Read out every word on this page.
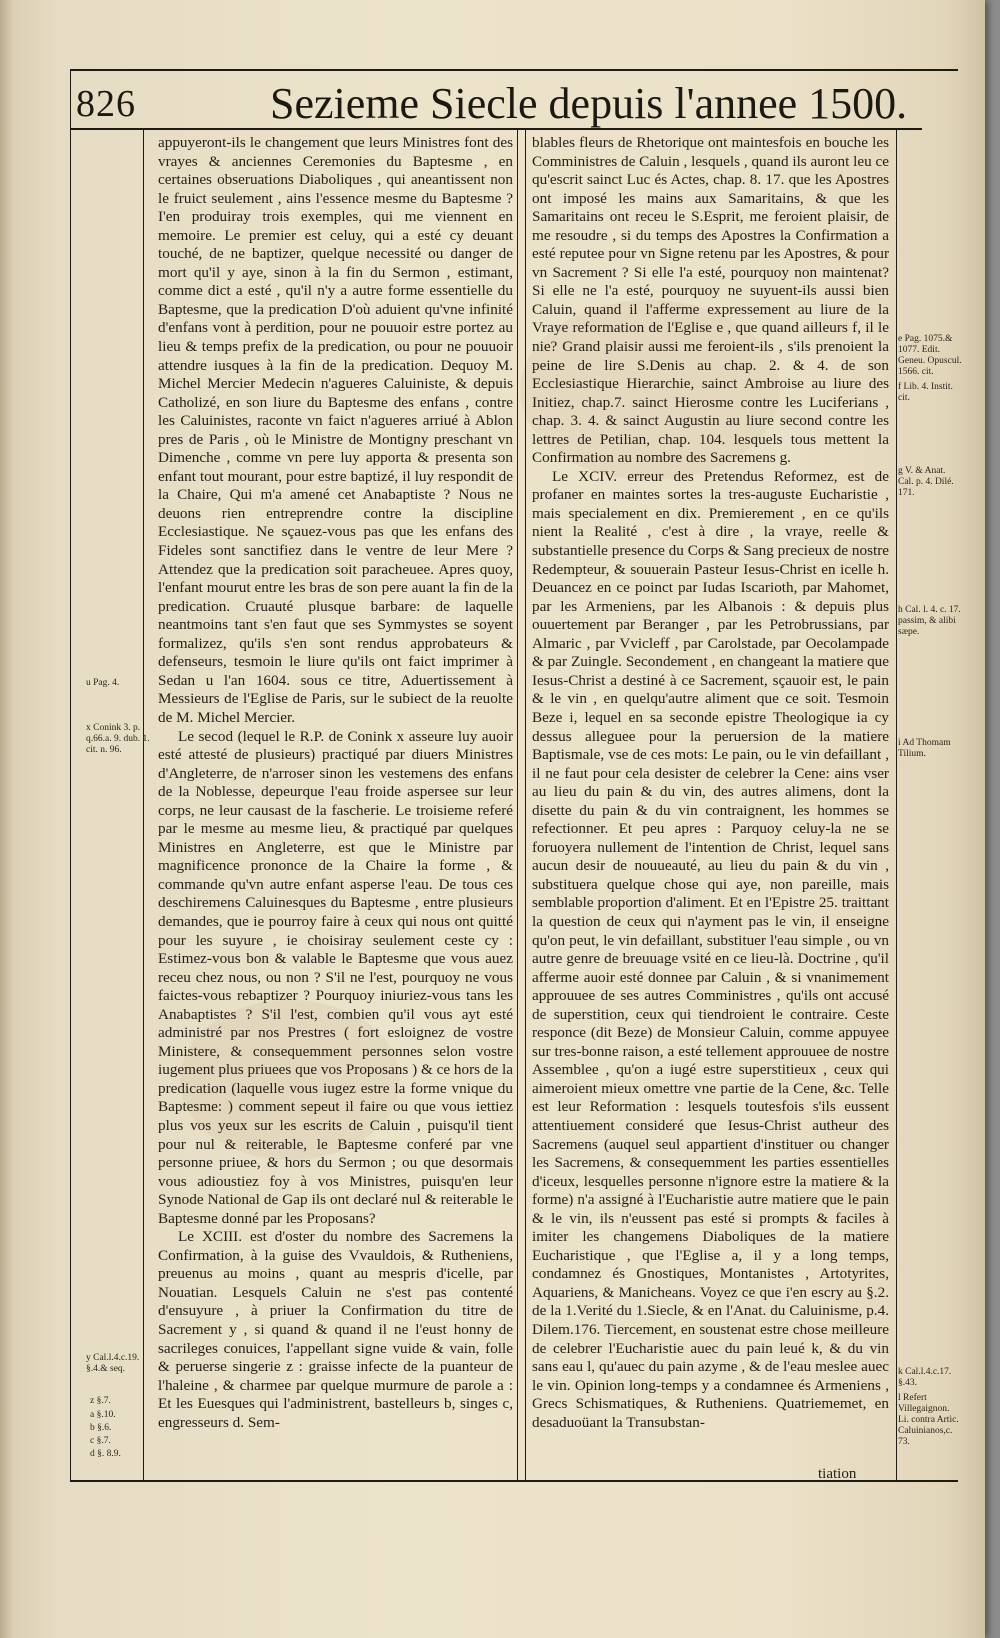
826	Sezieme Siecle depuis l'annee 1500.

appuyeront-ils le changement que leurs Ministres font des vrayes & anciennes Ceremonies du Baptesme , en certaines obseruations Diaboliques , qui aneantissent non le fruict seulement , ains l'essence mesme du Baptesme ? I'en produiray trois exemples, qui me viennent en memoire. Le premier est celuy, qui a esté cy deuant touché, de ne baptizer, quelque necessité ou danger de mort qu'il y aye, sinon à la fin du Sermon , estimant, comme dict a esté , qu'il n'y a autre forme essentielle du Baptesme, que la predication D'où aduient qu'vne infinité d'enfans vont à perdition, pour ne pouuoir estre portez au lieu & temps prefix de la predication, ou pour ne pouuoir attendre iusques à la fin de la predication. Dequoy M. Michel Mercier Medecin n'agueres Caluiniste, & depuis Catholizé, en son liure du Baptesme des enfans , contre les Caluinistes, raconte vn faict n'agueres arriué à Ablon pres de Paris , où le Ministre de Montigny preschant vn Dimenche , comme vn pere luy apporta & presenta son enfant tout mourant, pour estre baptizé, il luy respondit de la Chaire, Qui m'a amené cet Anabaptiste ? Nous ne deuons rien entreprendre contre la discipline Ecclesiastique. Ne sçauez-vous pas que les enfans des Fideles sont sanctifiez dans le ventre de leur Mere ? Attendez que la predication soit paracheuee. Apres quoy, l'enfant mourut entre les bras de son pere auant la fin de la predication. Cruauté plusque barbare: de laquelle neantmoins tant s'en faut que ses Symmystes se soyent formalizez, qu'ils s'en sont rendus approbateurs & defenseurs, tesmoin le liure qu'ils ont faict imprimer à Sedan u l'an 1604. sous ce titre, Aduertissement à Messieurs de l'Eglise de Paris, sur le subiect de la reuolte de M. Michel Mercier.

Le secod (lequel le R.P. de Conink x asseure luy auoir esté attesté de plusieurs) practiqué par diuers Ministres d'Angleterre, de n'arroser sinon les vestemens des enfans de la Noblesse, depeurque l'eau froide aspersee sur leur corps, ne leur causast de la fascherie. Le troisieme referé par le mesme au mesme lieu, & practiqué par quelques Ministres en Angleterre, est que le Ministre par magnificence prononce de la Chaire la forme , & commande qu'vn autre enfant asperse l'eau. De tous ces deschiremens Caluinesques du Baptesme , entre plusieurs demandes, que ie pourroy faire à ceux qui nous ont quitté pour les suyure , ie choisiray seulement ceste cy : Estimez-vous bon & valable le Baptesme que vous auez receu chez nous, ou non ? S'il ne l'est, pourquoy ne vous faictes-vous rebaptizer ? Pourquoy iniuriez-vous tans les Anabaptistes ? S'il l'est, combien qu'il vous ayt esté administré par nos Prestres ( fort esloignez de vostre Ministere, & consequemment personnes selon vostre iugement plus priuees que vos Proposans ) & ce hors de la predication (laquelle vous iugez estre la forme vnique du Baptesme: ) comment sepeut il faire ou que vous iettiez plus vos yeux sur les escrits de Caluin , puisqu'il tient pour nul & reiterable, le Baptesme conferé par vne personne priuee, & hors du Sermon ; ou que desormais vous adioustiez foy à vos Ministres, puisqu'en leur Synode National de Gap ils ont declaré nul & reiterable le Baptesme donné par les Proposans?

Le XCIII. est d'oster du nombre des Sacremens la Confirmation, à la guise des Vvauldois, & Rutheniens, preuenus au moins , quant au mespris d'icelle, par Nouatian. Lesquels Caluin ne s'est pas contenté d'ensuyure , à priuer la Confirmation du titre de Sacrement y , si quand & quand il ne l'eust honny de sacrileges conuices, l'appellant signe vuide & vain, folle & peruerse singerie z : graisse infecte de la puanteur de l'haleine , & charmee par quelque murmure de parole a : Et les Euesques qui l'administrent, bastelleurs b, singes c, engresseurs d. Sem-

blables fleurs de Rhetorique ont maintesfois en bouche les Comministres de Caluin , lesquels , quand ils auront leu ce qu'escrit sainct Luc és Actes, chap. 8. 17. que les Apostres ont imposé les mains aux Samaritains, & que les Samaritains ont receu le S.Esprit, me feroient plaisir, de me resoudre , si du temps des Apostres la Confirmation a esté reputee pour vn Signe retenu par les Apostres, & pour vn Sacrement ? Si elle l'a esté, pourquoy non maintenat? Si elle ne l'a esté, pourquoy ne suyuent-ils aussi bien Caluin, quand il l'afferme expressement au liure de la Vraye reformation de l'Eglise e , que quand ailleurs f, il le nie? Grand plaisir aussi me feroient-ils , s'ils prenoient la peine de lire S.Denis au chap. 2. & 4. de son Ecclesiastique Hierarchie, sainct Ambroise au liure des Initiez, chap.7. sainct Hierosme contre les Luciferians , chap. 3. 4. & sainct Augustin au liure second contre les lettres de Petilian, chap. 104. lesquels tous mettent la Confirmation au nombre des Sacremens g.

Le XCIV. erreur des Pretendus Reformez, est de profaner en maintes sortes la tres-auguste Eucharistie , mais specialement en dix. Premierement , en ce qu'ils nient la Realité , c'est à dire , la vraye, reelle & substantielle presence du Corps & Sang precieux de nostre Redempteur, & souuerain Pasteur Iesus-Christ en icelle h. Deuancez en ce poinct par Iudas Iscarioth, par Mahomet, par les Armeniens, par les Albanois : & depuis plus ouuertement par Beranger , par les Petrobrussians, par Almaric , par Vvicleff , par Carolstade, par Oecolampade & par Zuingle. Secondement , en changeant la matiere que Iesus-Christ a destiné à ce Sacrement, sçauoir est, le pain & le vin , en quelqu'autre aliment que ce soit. Tesmoin Beze i, lequel en sa seconde epistre Theologique ia cy dessus alleguee pour la peruersion de la matiere Baptismale, vse de ces mots: Le pain, ou le vin defaillant , il ne faut pour cela desister de celebrer la Cene: ains vser au lieu du pain & du vin, des autres alimens, dont la disette du pain & du vin contraignent, les hommes se refectionner. Et peu apres : Parquoy celuy-la ne se foruoyera nullement de l'intention de Christ, lequel sans aucun desir de nouueauté, au lieu du pain & du vin , substituera quelque chose qui aye, non pareille, mais semblable proportion d'aliment. Et en l'Epistre 25. traittant la question de ceux qui n'ayment pas le vin, il enseigne qu'on peut, le vin defaillant, substituer l'eau simple , ou vn autre genre de breuuage vsité en ce lieu-là. Doctrine , qu'il afferme auoir esté donnee par Caluin , & si vnanimement approuuee de ses autres Comministres , qu'ils ont accusé de superstition, ceux qui tiendroient le contraire. Ceste responce (dit Beze) de Monsieur Caluin, comme appuyee sur tres-bonne raison, a esté tellement approuuee de nostre Assemblee , qu'on a iugé estre superstitieux , ceux qui aimeroient mieux omettre vne partie de la Cene, &c. Telle est leur Reformation : lesquels toutesfois s'ils eussent attentiuement consideré que Iesus-Christ autheur des Sacremens (auquel seul appartient d'instituer ou changer les Sacremens, & consequemment les parties essentielles d'iceux, lesquelles personne n'ignore estre la matiere & la forme) n'a assigné à l'Eucharistie autre matiere que le pain & le vin, ils n'eussent pas esté si prompts & faciles à imiter les changemens Diaboliques de la matiere Eucharistique , que l'Eglise a, il y a long temps, condamnez és Gnostiques, Montanistes , Artotyrites, Aquariens, & Manicheans. Voyez ce que i'en escry au §.2. de la 1.Verité du 1.Siecle, & en l'Anat. du Caluinisme, p.4. Dilem.176. Tiercement, en soustenat estre chose meilleure de celebrer l'Eucharistie auec du pain leué k, & du vin sans eau l, qu'auec du pain azyme , & de l'eau meslee auec le vin. Opinion long-temps y a condamnee és Armeniens , Grecs Schismatiques, & Rutheniens. Quatriememet, en desaduoüant la Transubstan-

u Pag. 4.
x Conink 3. p. q.66.a. 9. dub. 1. cit. n. 96.
y Cal.l.4.c.19. §.4.& seq.
z §.7.
a §.10.
b §.6.
c §.7.
d §. 8.9.
e Pag. 1075.& 1077. Edit. Geneu. Opuscul. 1566. cit.
f Lib. 4. Instit. cit.
g V. & Anat. Cal. p. 4. Dilé. 171.
h Cal. l. 4. c. 17. passim, & alibi sæpe.
i Ad Thomam Tilium.
k Cal.l.4.c.17. §.43.
l Refert Villegaignon. Li. contra Artic. Caluinianos,c. 73.
tiation
